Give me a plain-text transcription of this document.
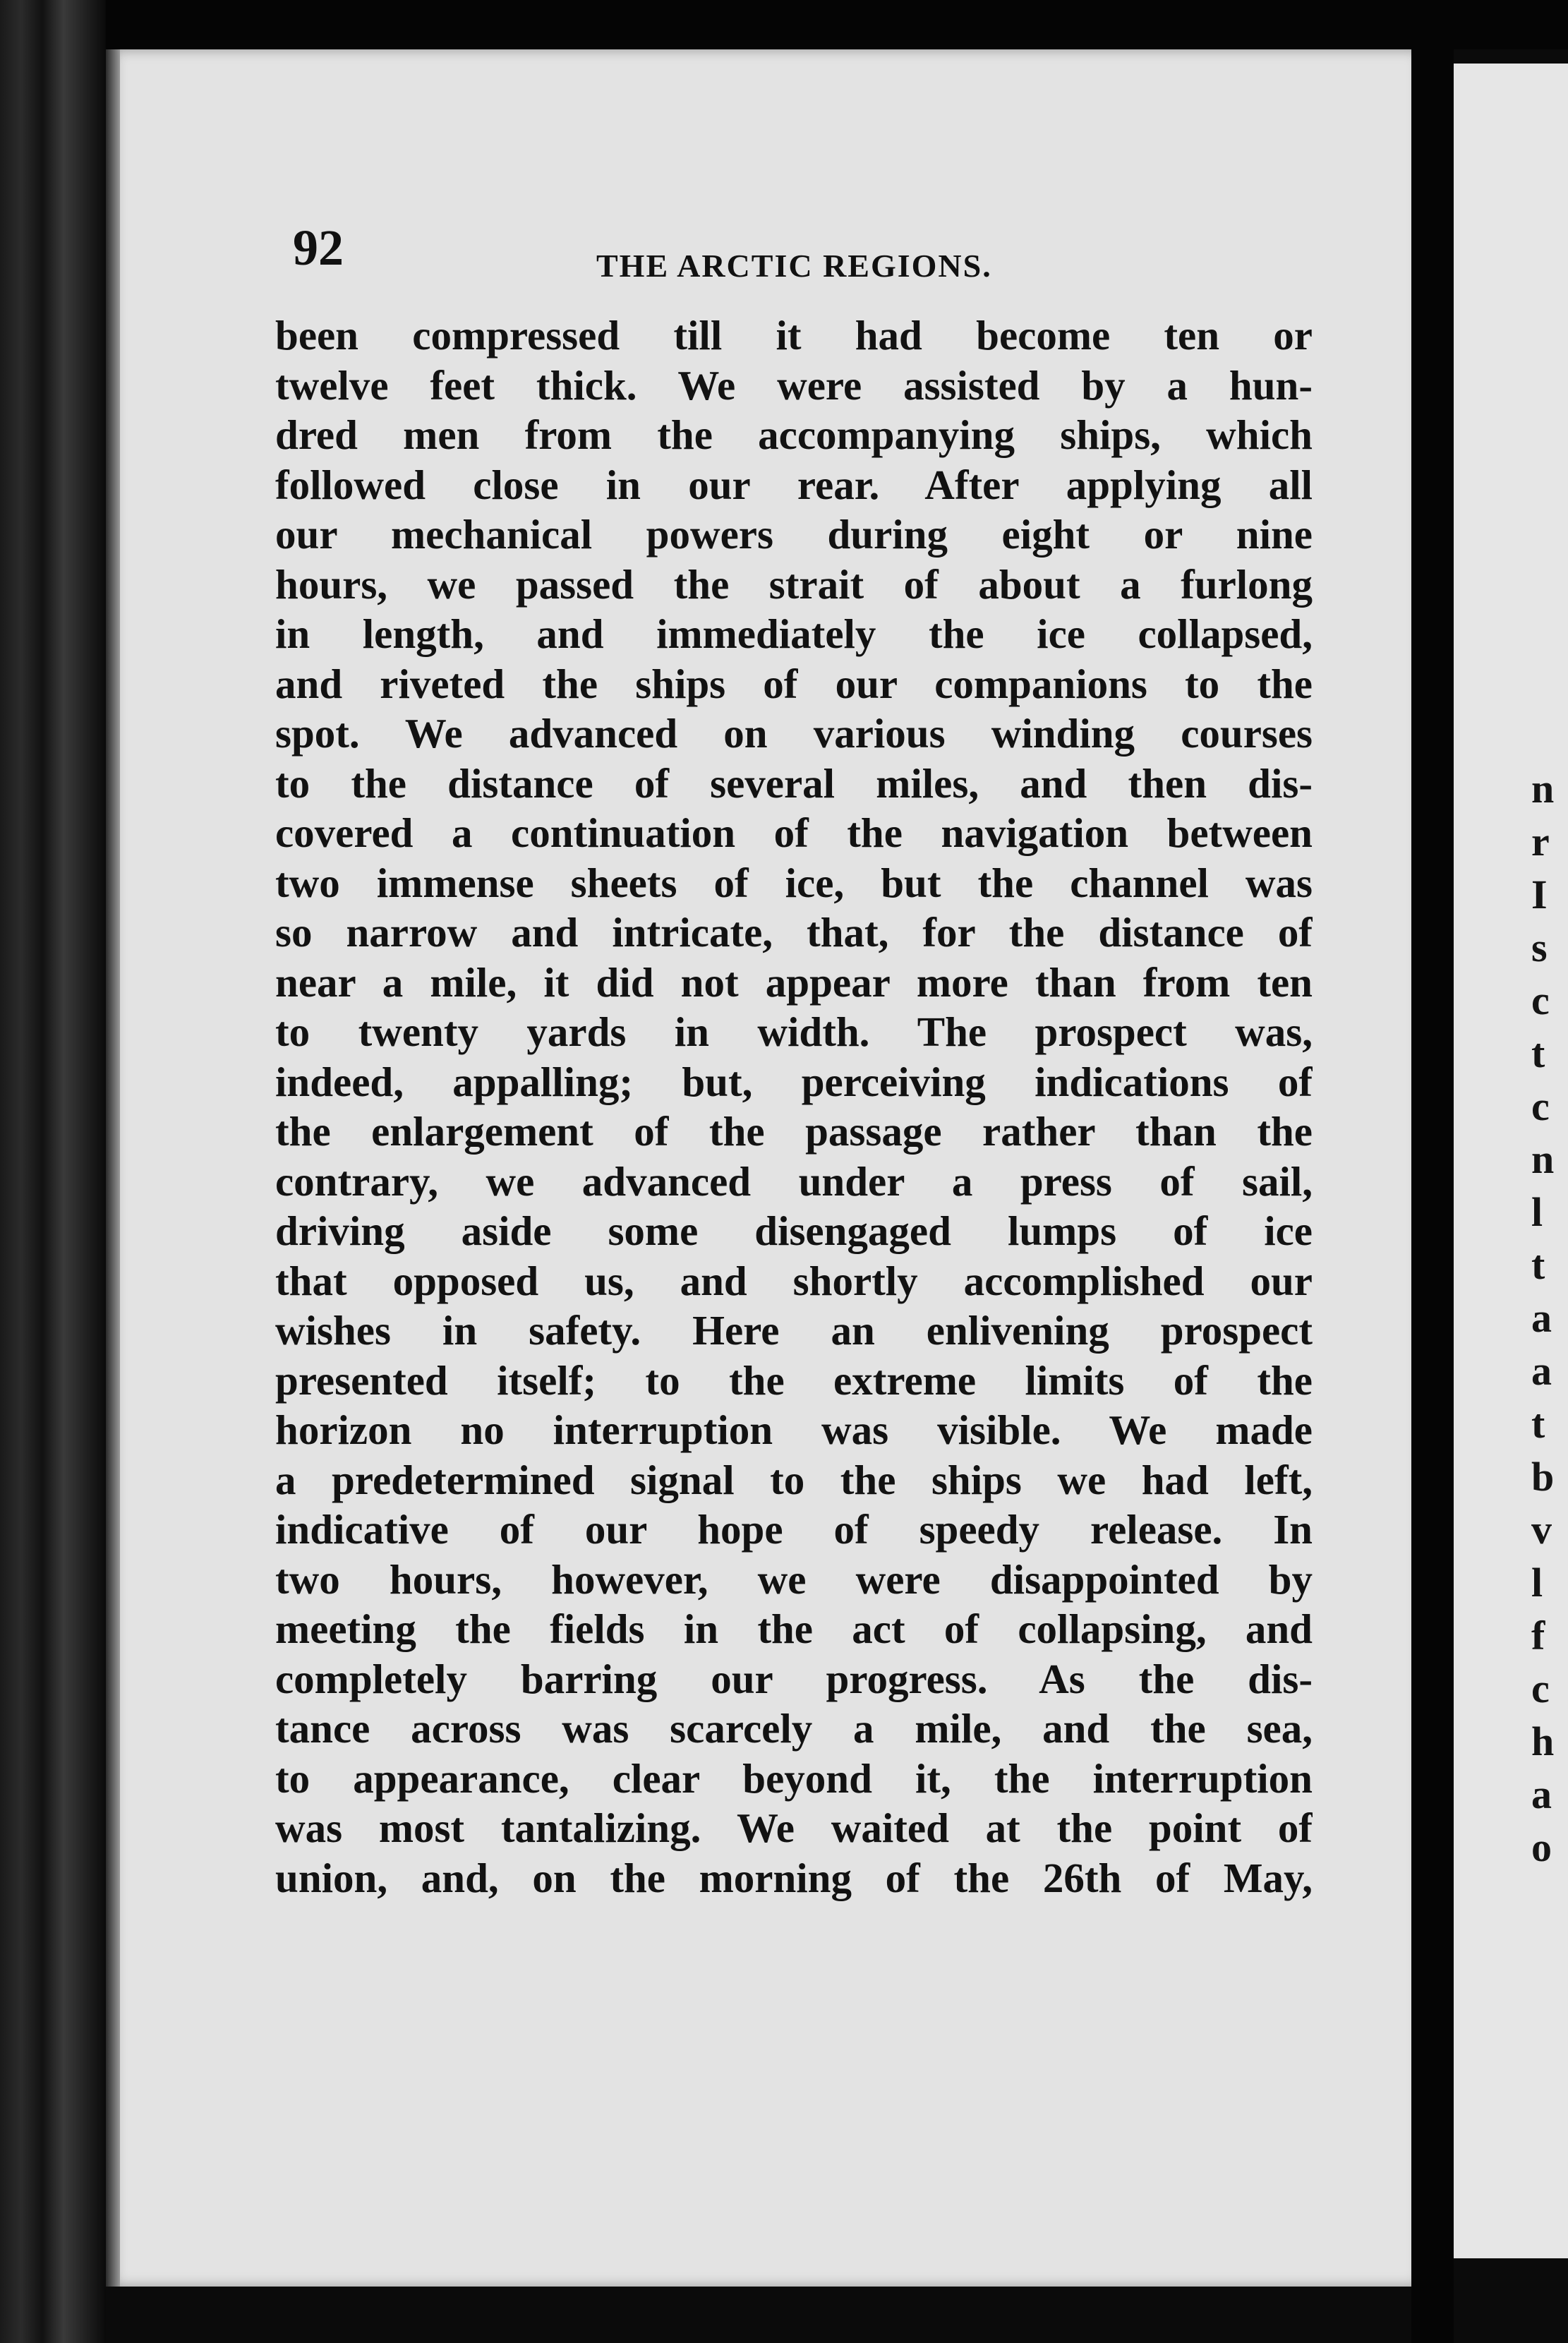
n
r
I
s
c
t
c
n
l
t
a
a
t
b
v
l
f
c
h
a
o
92	THE ARCTIC REGIONS.
been compressed till it had become ten or
twelve feet thick. We were assisted by a hun-
dred men from the accompanying ships, which
followed close in our rear. After applying all
our mechanical powers during eight or nine
hours, we passed the strait of about a furlong
in length, and immediately the ice collapsed,
and riveted the ships of our companions to the
spot. We advanced on various winding courses
to the distance of several miles, and then dis-
covered a continuation of the navigation between
two immense sheets of ice, but the channel was
so narrow and intricate, that, for the distance of
near a mile, it did not appear more than from ten
to twenty yards in width. The prospect was,
indeed, appalling; but, perceiving indications of
the enlargement of the passage rather than the
contrary, we advanced under a press of sail,
driving aside some disengaged lumps of ice
that opposed us, and shortly accomplished our
wishes in safety. Here an enlivening prospect
presented itself; to the extreme limits of the
horizon no interruption was visible. We made
a predetermined signal to the ships we had left,
indicative of our hope of speedy release. In
two hours, however, we were disappointed by
meeting the fields in the act of collapsing, and
completely barring our progress. As the dis-
tance across was scarcely a mile, and the sea,
to appearance, clear beyond it, the interruption
was most tantalizing. We waited at the point of
union, and, on the morning of the 26th of May,
